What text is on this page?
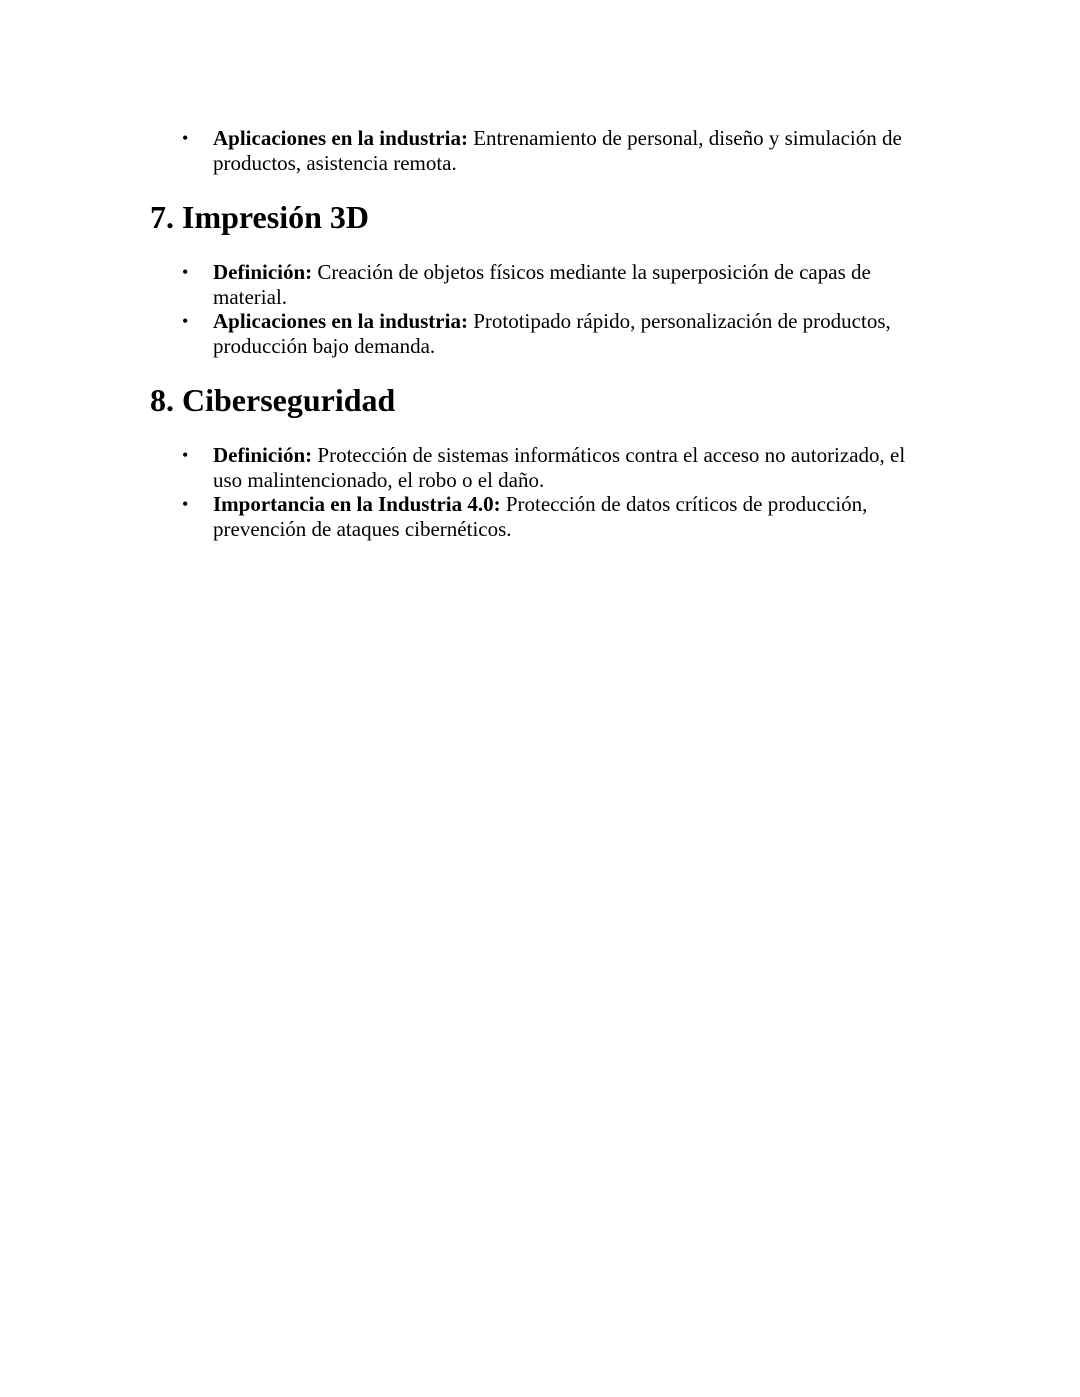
• Aplicaciones en la industria: Entrenamiento de personal, diseño y simulación de productos, asistencia remota.
7. Impresión 3D
• Definición: Creación de objetos físicos mediante la superposición de capas de material.
• Aplicaciones en la industria: Prototipado rápido, personalización de productos, producción bajo demanda.
8. Ciberseguridad
• Definición: Protección de sistemas informáticos contra el acceso no autorizado, el uso malintencionado, el robo o el daño.
• Importancia en la Industria 4.0: Protección de datos críticos de producción, prevención de ataques cibernéticos.
